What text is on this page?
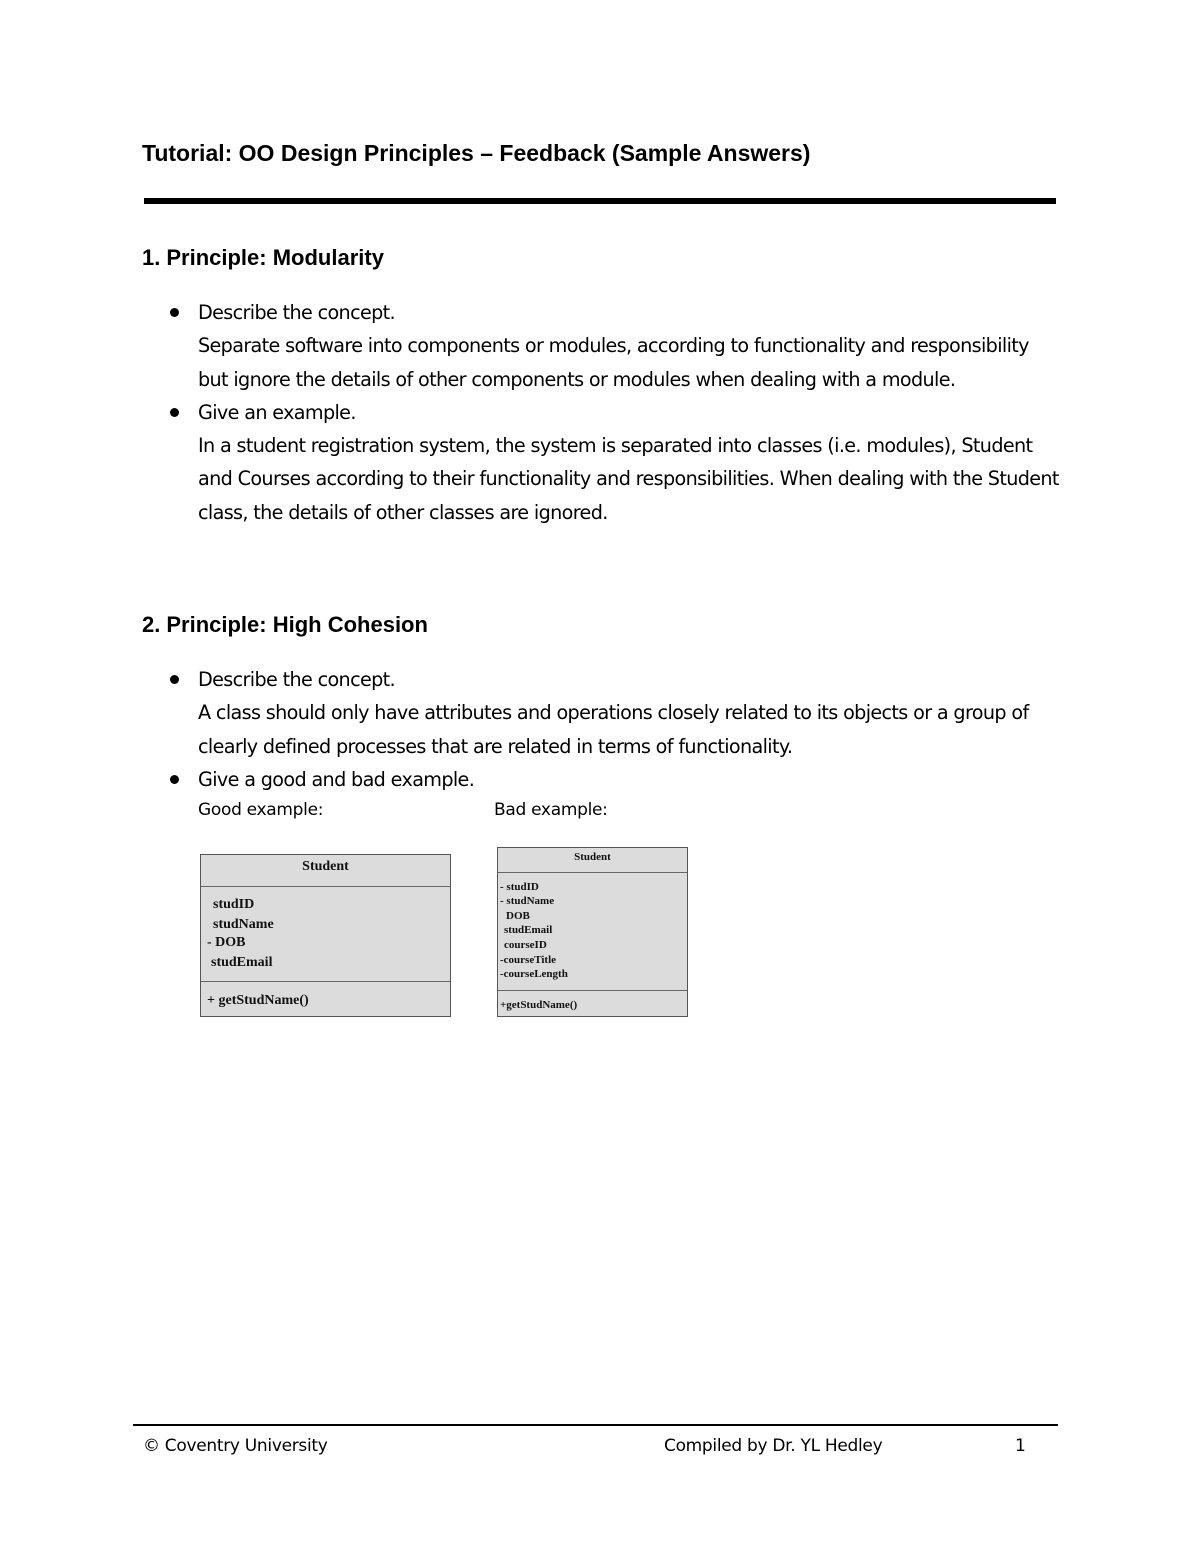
Tutorial: OO Design Principles – Feedback (Sample Answers)
1. Principle: Modularity
Describe the concept.
Separate software into components or modules, according to functionality and responsibility but ignore the details of other components or modules when dealing with a module.
Give an example.
In a student registration system, the system is separated into classes (i.e. modules), Student and Courses according to their functionality and responsibilities. When dealing with the Student class, the details of other classes are ignored.
2. Principle: High Cohesion
Describe the concept.
A class should only have attributes and operations closely related to its objects or a group of clearly defined processes that are related in terms of functionality.
Give a good and bad example.
Good example:	Bad example:
Student
studID
studName
- DOB
studEmail
+ getStudName()
Student
- studID
- studName
DOB
studEmail
courseID
-courseTitle
-courseLength
+getStudName()
© Coventry University	Compiled by Dr. YL Hedley	1
